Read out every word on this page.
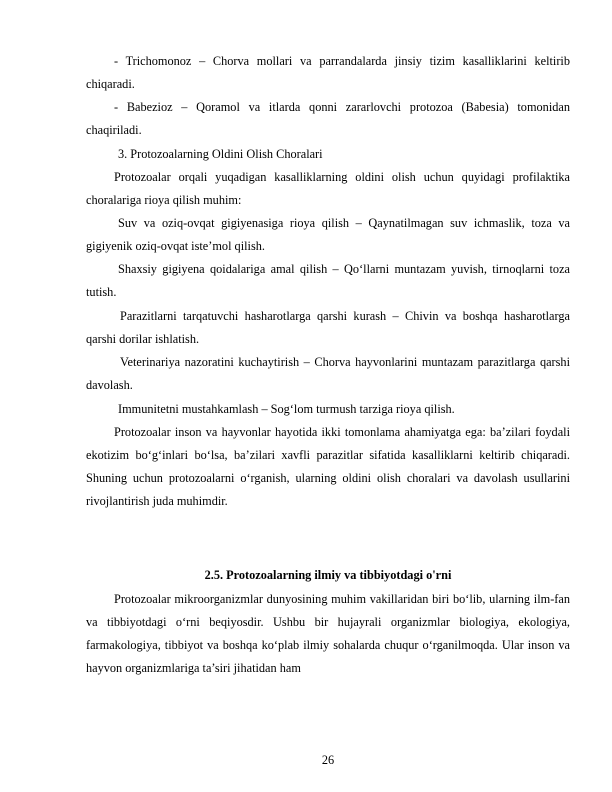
- Trichomonoz – Chorva mollari va parrandalarda jinsiy tizim kasalliklarini keltirib chiqaradi.

- Babezioz – Qoramol va itlarda qonni zararlovchi protozoa (Babesia) tomonidan chaqiriladi.

3. Protozoalarning Oldini Olish Choralari

Protozoalar orqali yuqadigan kasalliklarning oldini olish uchun quyidagi profilaktika choralariga rioya qilish muhim:

Suv va oziq-ovqat gigiyenasiga rioya qilish – Qaynatilmagan suv ichmaslik, toza va gigiyenik oziq-ovqat iste’mol qilish.

Shaxsiy gigiyena qoidalariga amal qilish – Qo‘llarni muntazam yuvish, tirnoqlarni toza tutish.

Parazitlarni tarqatuvchi hasharotlarga qarshi kurash – Chivin va boshqa hasharotlarga qarshi dorilar ishlatish.

Veterinariya nazoratini kuchaytirish – Chorva hayvonlarini muntazam parazitlarga qarshi davolash.

Immunitetni mustahkamlash – Sog‘lom turmush tarziga rioya qilish.

Protozoalar inson va hayvonlar hayotida ikki tomonlama ahamiyatga ega: ba’zilari foydali ekotizim bo‘g‘inlari bo‘lsa, ba’zilari xavfli parazitlar sifatida kasalliklarni keltirib chiqaradi. Shuning uchun protozoalarni o‘rganish, ularning oldini olish choralari va davolash usullarini rivojlantirish juda muhimdir.

2.5. Protozoalarning ilmiy va tibbiyotdagi o'rni

Protozoalar mikroorganizmlar dunyosining muhim vakillaridan biri bo‘lib, ularning ilm-fan va tibbiyotdagi o‘rni beqiyosdir. Ushbu bir hujayrali organizmlar biologiya, ekologiya, farmakologiya, tibbiyot va boshqa ko‘plab ilmiy sohalarda chuqur o‘rganilmoqda. Ular inson va hayvon organizmlariga ta’siri jihatidan ham

26
